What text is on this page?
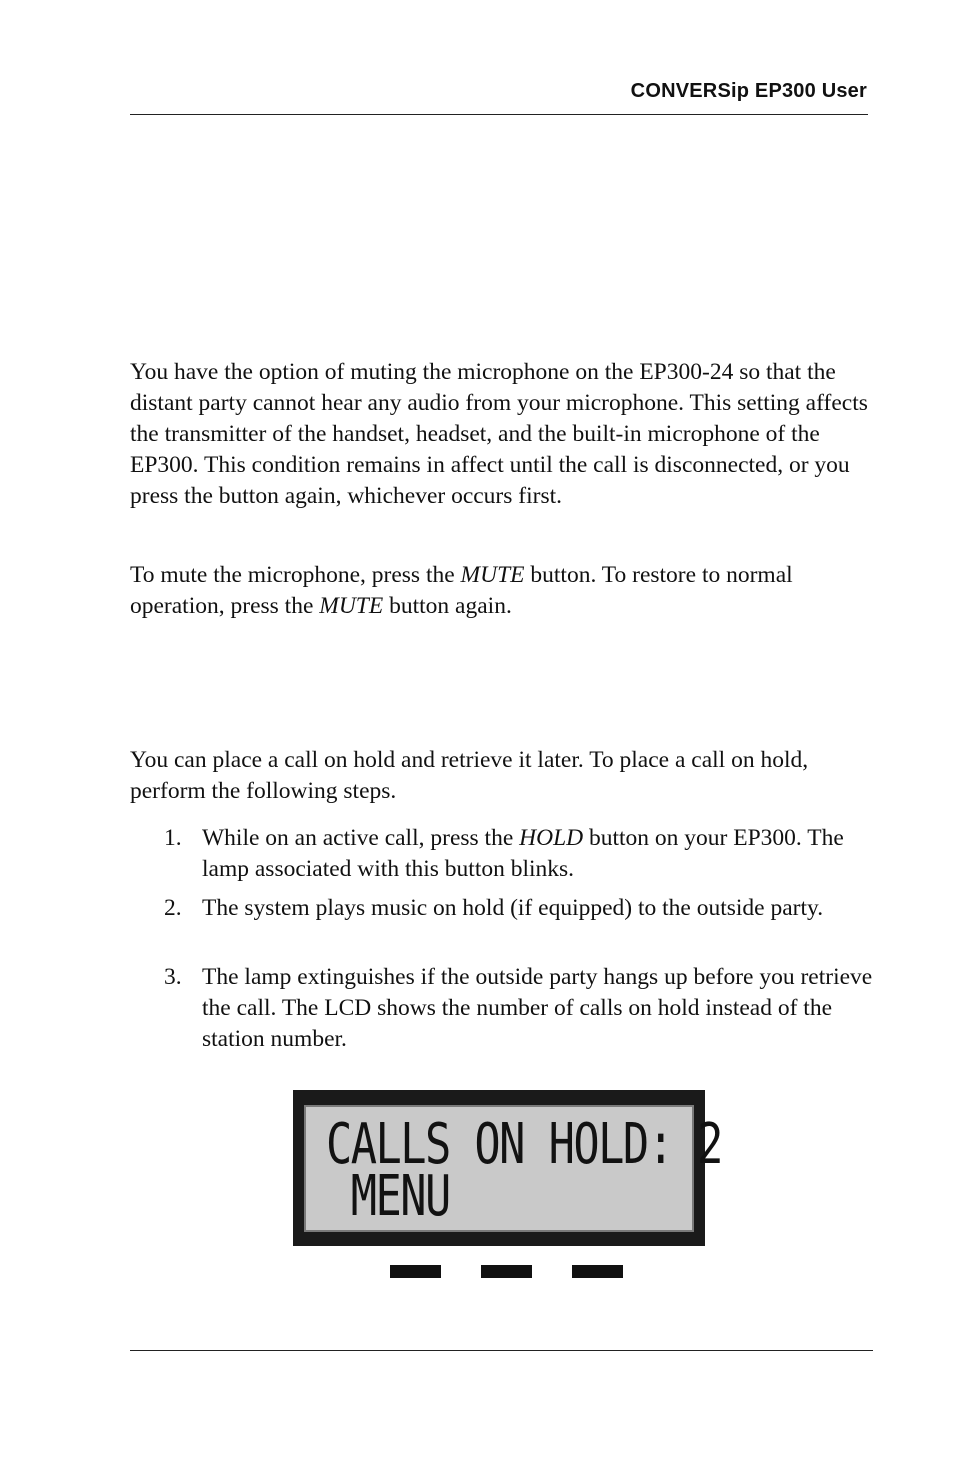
CONVERSip EP300 User

You have the option of muting the microphone on the EP300-24 so that the distant party cannot hear any audio from your microphone. This setting affects the transmitter of the handset, headset, and the built-in microphone of the EP300. This condition remains in affect until the call is disconnected, or you press the button again, whichever occurs first.

To mute the microphone, press the MUTE button. To restore to normal operation, press the MUTE button again.

You can place a call on hold and retrieve it later. To place a call on hold, perform the following steps.

1. While on an active call, press the HOLD button on your EP300. The lamp associated with this button blinks.
2. The system plays music on hold (if equipped) to the outside party.
3. The lamp extinguishes if the outside party hangs up before you retrieve the call. The LCD shows the number of calls on hold instead of the station number.
CALLS ON HOLD: 2
MENU
